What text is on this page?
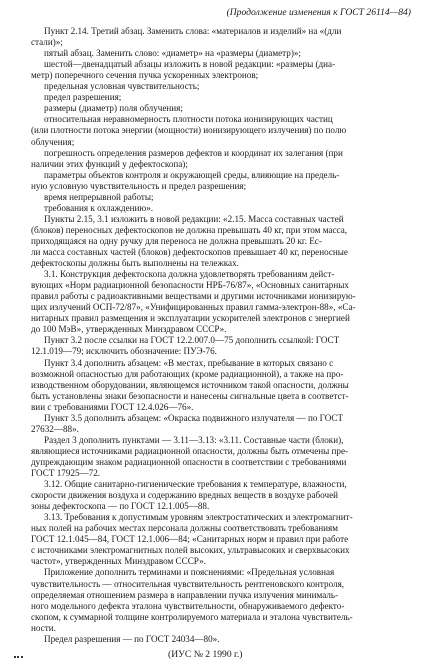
(Продолжение изменения к ГОСТ 26114—84)
Пункт 2.14. Третий абзац. Заменить слова: «материалов и изделий» на «(дли
стали)»;
пятый абзац. Заменить слово: «диаметр» на «размеры (диаметр)»;
шестой—двенадцатый абзацы изложить в новой редакции: «размеры (диа-
метр) поперечного сечения пучка ускоренных электронов;
предельная условная чувствительность;
предел разрешения;
размеры (диаметр) поля облучения;
относительная неравномерность плотности потока ионизирующих частиц
(или плотности потока энергии (мощности) ионизирующего излучения) по полю
облучения;
погрешность определения размеров дефектов и координат их залегания (при
наличии этих функций у дефектоскопа);
параметры объектов контроля и окружающей среды, влияющие на предель-
ную условную чувствительность и предел разрешения;
время непрерывной работы;
требования к охлаждению».
Пункты 2.15, 3.1 изложить в новой редакции: «2.15. Масса составных частей
(блоков) переносных дефектоскопов не должна превышать 40 кг, при этом масса,
приходящаяся на одну ручку для переноса не должна превышать 20 кг. Ес-
ли масса составных частей (блоков) дефектоскопов превышает 40 кг, переносные
дефектоскопы должны быть выполнены на тележках.
3.1. Конструкция дефектоскопа должна удовлетворять требованиям дейст-
вующих «Норм радиационной безопасности НРБ-76/87», «Основных санитарных
правил работы с радиоактивными веществами и другими источниками ионизирую-
щих излучений ОСП-72/87», «Унифицированных правил гамма-электрон-88», «Са-
нитарных правил размещения и эксплуатации ускорителей электронов с энергией
до 100 МэВ», утвержденных Минздравом СССР».
Пункт 3.2 после ссылки на ГОСТ 12.2.007.0—75 дополнить ссылкой: ГОСТ
12.1.019—79; исключить обозначение: ПУЭ-76.
Пункт 3.4 дополнить абзацем: «В местах, пребывание в которых связано с
возможной опасностью для работающих (кроме радиационной), а также на про-
изводственном оборудовании, являющемся источником такой опасности, должны
быть установлены знаки безопасности и нанесены сигнальные цвета в соответст-
вии с требованиями ГОСТ 12.4.026—76».
Пункт 3.5 дополнить абзацем: «Окраска подвижного излучателя — по ГОСТ
27632—88».
Раздел 3 дополнить пунктами — 3.11—3.13: «3.11. Составные части (блоки),
являющиеся источниками радиационной опасности, должны быть отмечены пре-
дупреждающим знаком радиационной опасности в соответствии с требованиями
ГОСТ 17925—72.
3.12. Общие санитарно-гигиенические требования к температуре, влажности,
скорости движения воздуха и содержанию вредных веществ в воздухе рабочей
зоны дефектоскопа — по ГОСТ 12.1.005—88.
3.13. Требования к допустимым уровням электростатических и электромагнит-
ных полей на рабочих местах персонала должны соответствовать требованиям
ГОСТ 12.1.045—84, ГОСТ 12.1.006—84; «Санитарных норм и правил при работе
с источниками электромагнитных полей высоких, ультравысоких и сверхвысоких
частот», утвержденных Минздравом СССР».
Приложение дополнить терминами и пояснениями: «Предельная условная
чувствительность — относительная чувствительность рентгеновского контроля,
определяемая отношением размера в направлении пучка излучения минималь-
ного модельного дефекта эталона чувствительности, обнаруживаемого дефекто-
скопом, к суммарной толщине контролируемого материала и эталона чувствитель-
ности.
Предел разрешения — по ГОСТ 24034—80».
(ИУС № 2 1990 г.)
